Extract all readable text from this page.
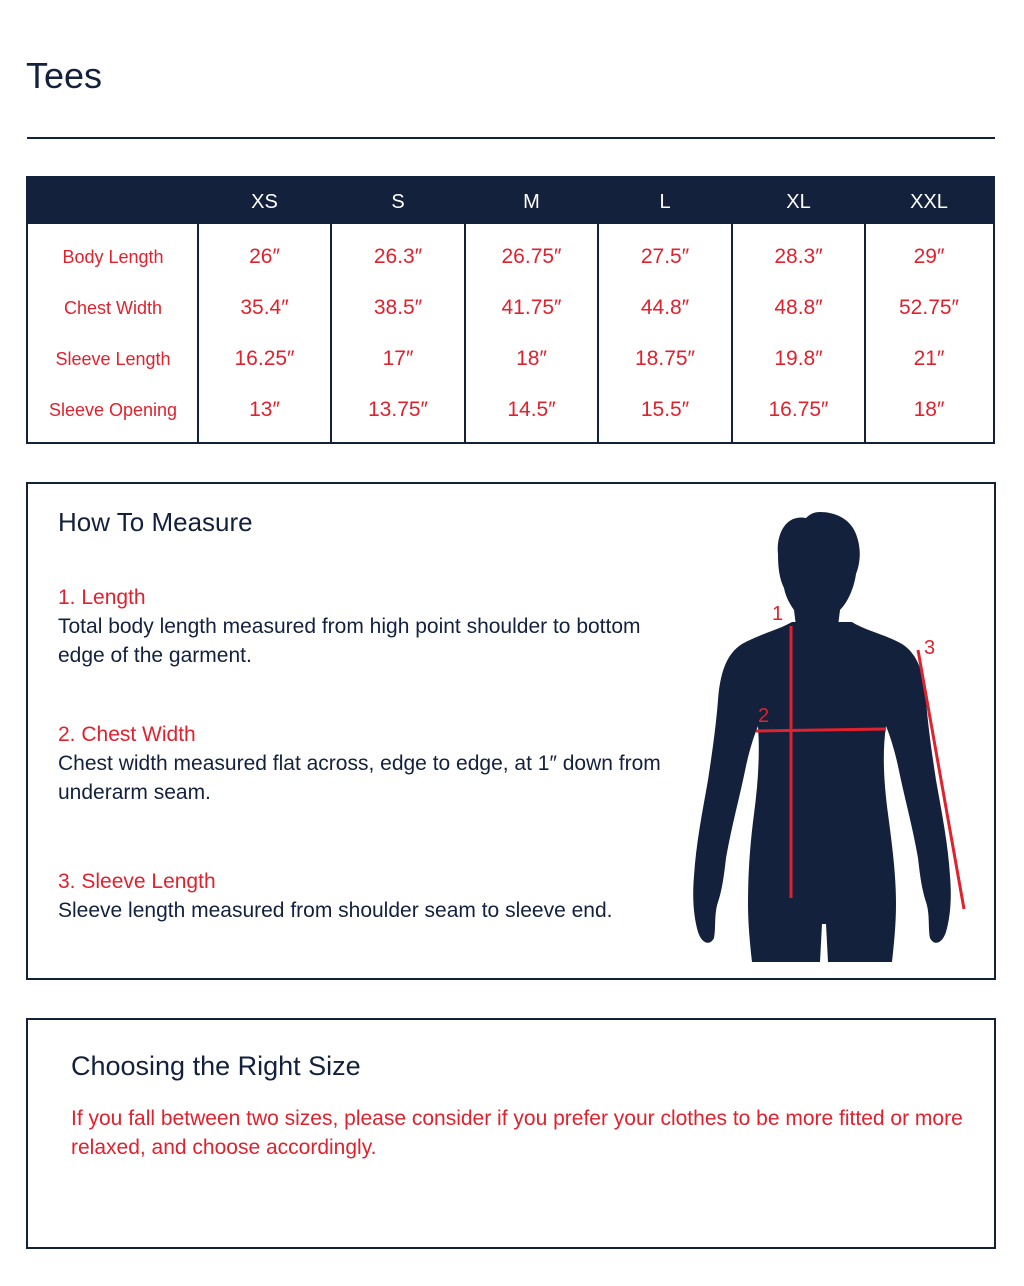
Tees
XS	S	M	L	XL	XXL
Body Length	26″	26.3″	26.75″	27.5″	28.3″	29″
Chest Width	35.4″	38.5″	41.75″	44.8″	48.8″	52.75″
Sleeve Length	16.25″	17″	18″	18.75″	19.8″	21″
Sleeve Opening	13″	13.75″	14.5″	15.5″	16.75″	18″
How To Measure
1. Length
Total body length measured from high point shoulder to bottom edge of the garment.
2. Chest Width
Chest width measured flat across, edge to edge, at 1″ down from underarm seam.
3. Sleeve Length
Sleeve length measured from shoulder seam to sleeve end.
1
2
3
Choosing the Right Size
If you fall between two sizes, please consider if you prefer your clothes to be more fitted or more relaxed, and choose accordingly.
